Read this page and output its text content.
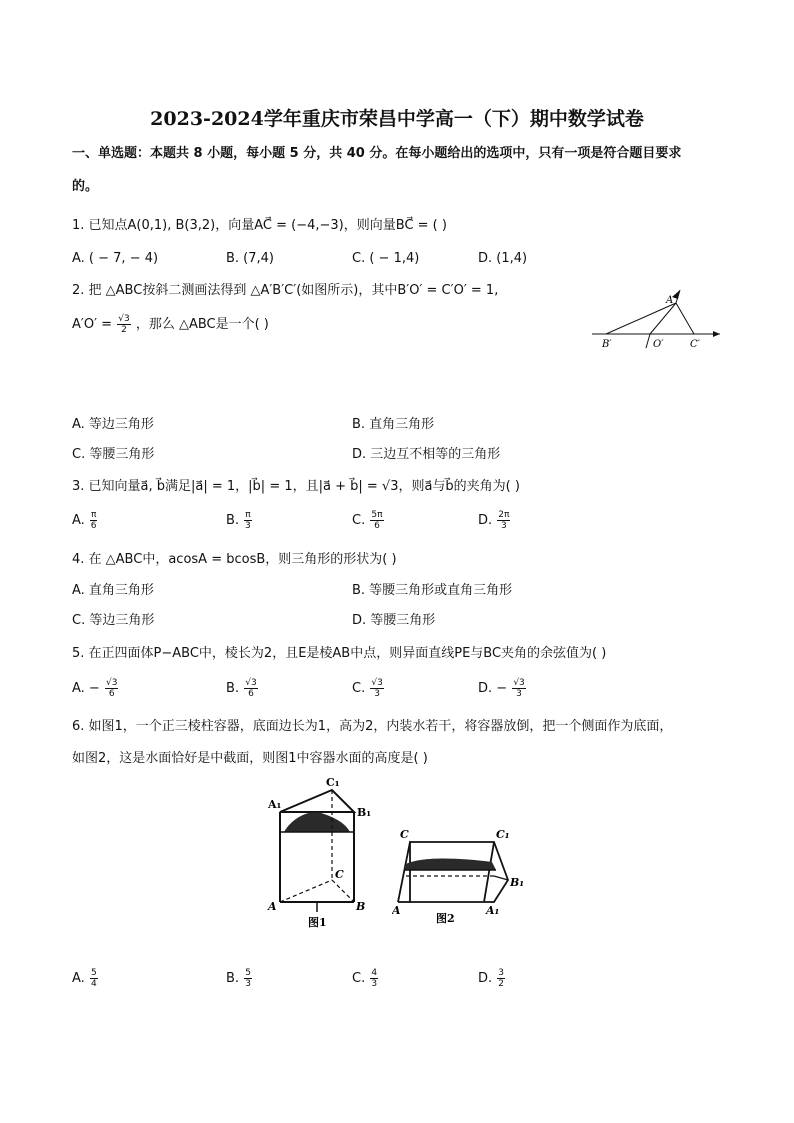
2023-2024学年重庆市荣昌中学高一（下）期中数学试卷
一、单选题：本题共 8 小题，每小题 5 分，共 40 分。在每小题给出的选项中，只有一项是符合题目要求
的。
1. 已知点A(0,1), B(3,2)，向量AC⃗ = (−4,−3)，则向量BC⃗ = ( )
A. ( − 7, − 4)	B. (7,4)	C. ( − 1,4)	D. (1,4)
2. 把 △ABC按斜二测画法得到 △A′B′C′(如图所示)，其中B′O′ = C′O′ = 1,
$A'O' = \frac{√3}{2}$ ，那么 △ABC是一个( )
A′
B′	O′	C′
A. 等边三角形	B. 直角三角形
C. 等腰三角形	D. 三边互不相等的三角形
3. 已知向量a⃗, b⃗满足|a⃗| = 1，|b⃗| = 1，且|a⃗ + b⃗| = √3，则a⃗与b⃗的夹角为( )
A. $\frac{\pi}{6}$	B. $\frac{\pi}{3}$	C. $\frac{5\pi}{6}$	D. $\frac{2\pi}{3}$
4. 在 △ABC中，acosA = bcosB，则三角形的形状为( )
A. 直角三角形	B. 等腰三角形或直角三角形
C. 等边三角形	D. 等腰三角形
5. 在正四面体P−ABC中，棱长为2，且E是棱AB中点，则异面直线PE与BC夹角的余弦值为( )
A. − $\frac{√3}{6}$	B. $\frac{√3}{6}$	C. $\frac{√3}{3}$	D. − $\frac{√3}{3}$
6. 如图1，一个正三棱柱容器，底面边长为1，高为2，内装水若干，将容器放倒，把一个侧面作为底面，
如图2，这是水面恰好是中截面，则图1中容器水面的高度是( )
A₁
C₁
B₁
A	B
C
图1
C	C₁
B₁
A	A₁
图2
A. $\frac{5}{4}$	B. $\frac{5}{3}$	C. $\frac{4}{3}$	D. $\frac{3}{2}$
